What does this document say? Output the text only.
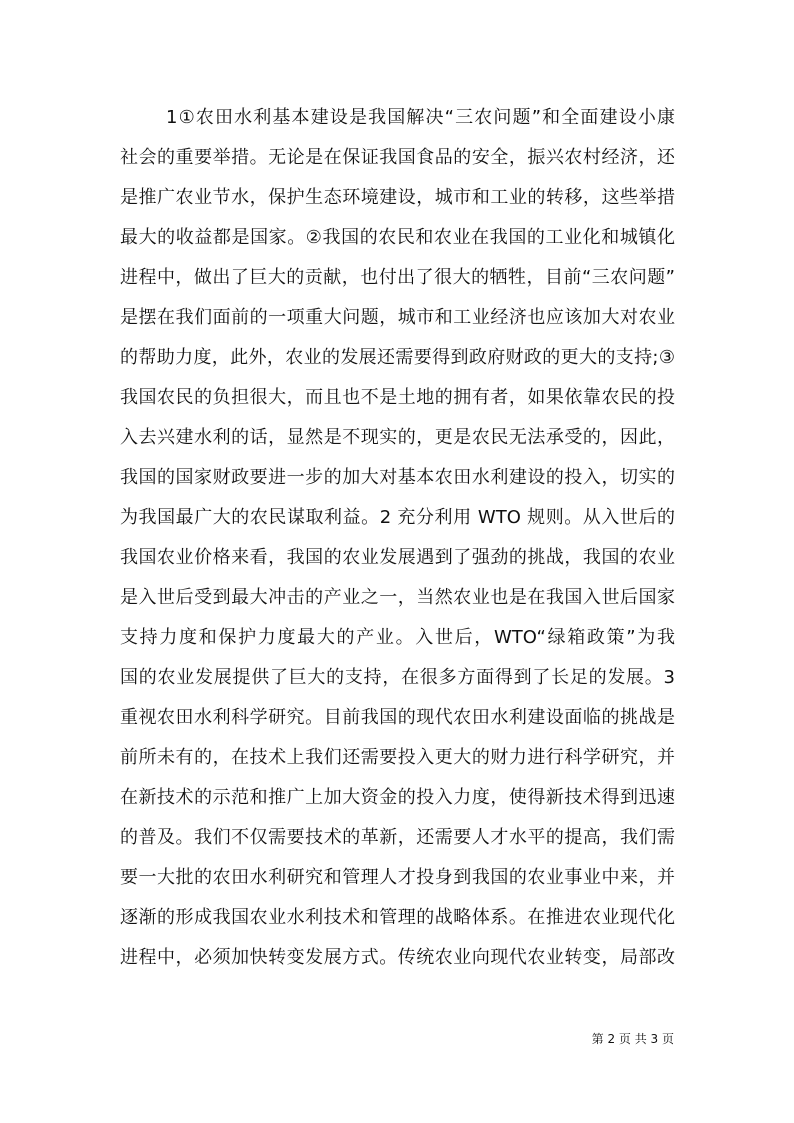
1①农田水利基本建设是我国解决“三农问题”和全面建设小康
社会的重要举措。无论是在保证我国食品的安全，振兴农村经济，还
是推广农业节水，保护生态环境建设，城市和工业的转移，这些举措
最大的收益都是国家。②我国的农民和农业在我国的工业化和城镇化
进程中，做出了巨大的贡献，也付出了很大的牺牲，目前“三农问题”
是摆在我们面前的一项重大问题，城市和工业经济也应该加大对农业
的帮助力度，此外，农业的发展还需要得到政府财政的更大的支持;③
我国农民的负担很大，而且也不是土地的拥有者，如果依靠农民的投
入去兴建水利的话，显然是不现实的，更是农民无法承受的，因此，
我国的国家财政要进一步的加大对基本农田水利建设的投入，切实的
为我国最广大的农民谋取利益。2 充分利用 WTO 规则。从入世后的
我国农业价格来看，我国的农业发展遇到了强劲的挑战，我国的农业
是入世后受到最大冲击的产业之一，当然农业也是在我国入世后国家
支持力度和保护力度最大的产业。入世后，WTO“绿箱政策”为我
国的农业发展提供了巨大的支持，在很多方面得到了长足的发展。3
重视农田水利科学研究。目前我国的现代农田水利建设面临的挑战是
前所未有的，在技术上我们还需要投入更大的财力进行科学研究，并
在新技术的示范和推广上加大资金的投入力度，使得新技术得到迅速
的普及。我们不仅需要技术的革新，还需要人才水平的提高，我们需
要一大批的农田水利研究和管理人才投身到我国的农业事业中来，并
逐渐的形成我国农业水利技术和管理的战略体系。在推进农业现代化
进程中，必须加快转变发展方式。传统农业向现代农业转变，局部改
第 2 页 共 3 页
